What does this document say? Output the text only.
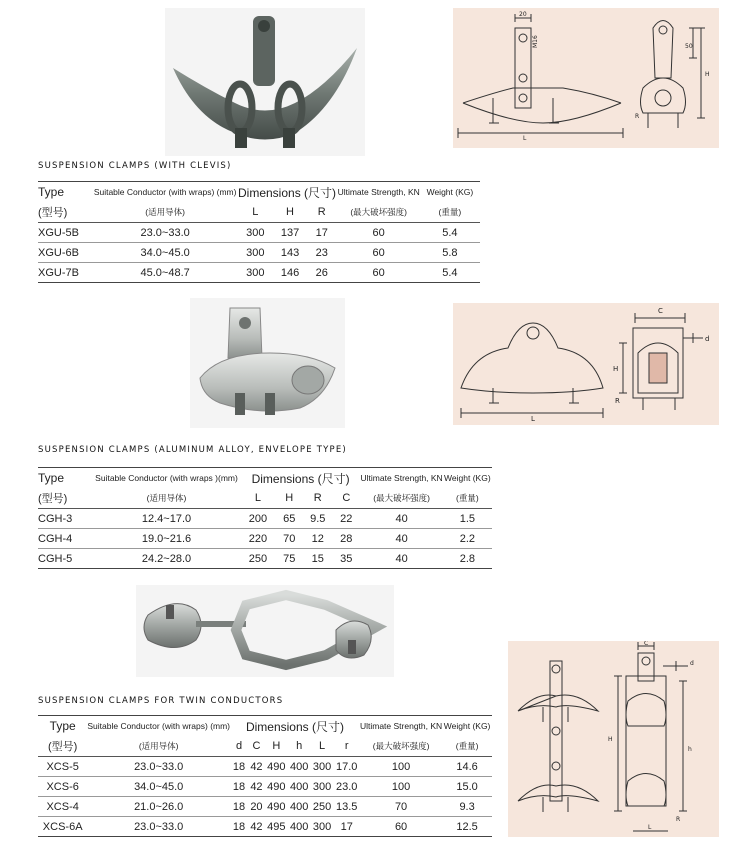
20
M16
H
50
L
R
SUSPENSION CLAMPS (WITH CLEVIS)
Type	Suitable Conductor (with wraps) (mm)	Dimensions (尺寸)			Ultimate Strength, KN	Weight (KG)
(型号)	(适用导体)	L	H	R	(最大破坏强度)	(重量)
XGU-5B	23.0~33.0	300	137	17	60	5.4
XGU-6B	34.0~45.0	300	143	23	60	5.8
XGU-7B	45.0~48.7	300	146	26	60	5.4
C
d
H
L
R
SUSPENSION CLAMPS (ALUMINUM ALLOY, ENVELOPE TYPE)
Type	Suitable Conductor (with wraps )(mm)	Dimensions (尺寸)				Ultimate Strength, KN	Weight (KG)
(型号)	(适用导体)	L	H	R	C	(最大破坏强度)	(重量)
CGH-3	12.4~17.0	200	65	9.5	22	40	1.5
CGH-4	19.0~21.6	220	70	12	28	40	2.2
CGH-5	24.2~28.0	250	75	15	35	40	2.8
C
d
H
h
L
R
SUSPENSION CLAMPS FOR TWIN CONDUCTORS
Type	Suitable Conductor (with wraps) (mm)	Dimensions (尺寸)						Ultimate Strength, KN	Weight (KG)
(型号)	(适用导体)	d	C	H	h	L	r	(最大破坏强度)	(重量)
XCS-5	23.0~33.0	18	42	490	400	300	17.0	100	14.6
XCS-6	34.0~45.0	18	42	490	400	300	23.0	100	15.0
XCS-4	21.0~26.0	18	20	490	400	250	13.5	70	9.3
XCS-6A	23.0~33.0	18	42	495	400	300	17	60	12.5
